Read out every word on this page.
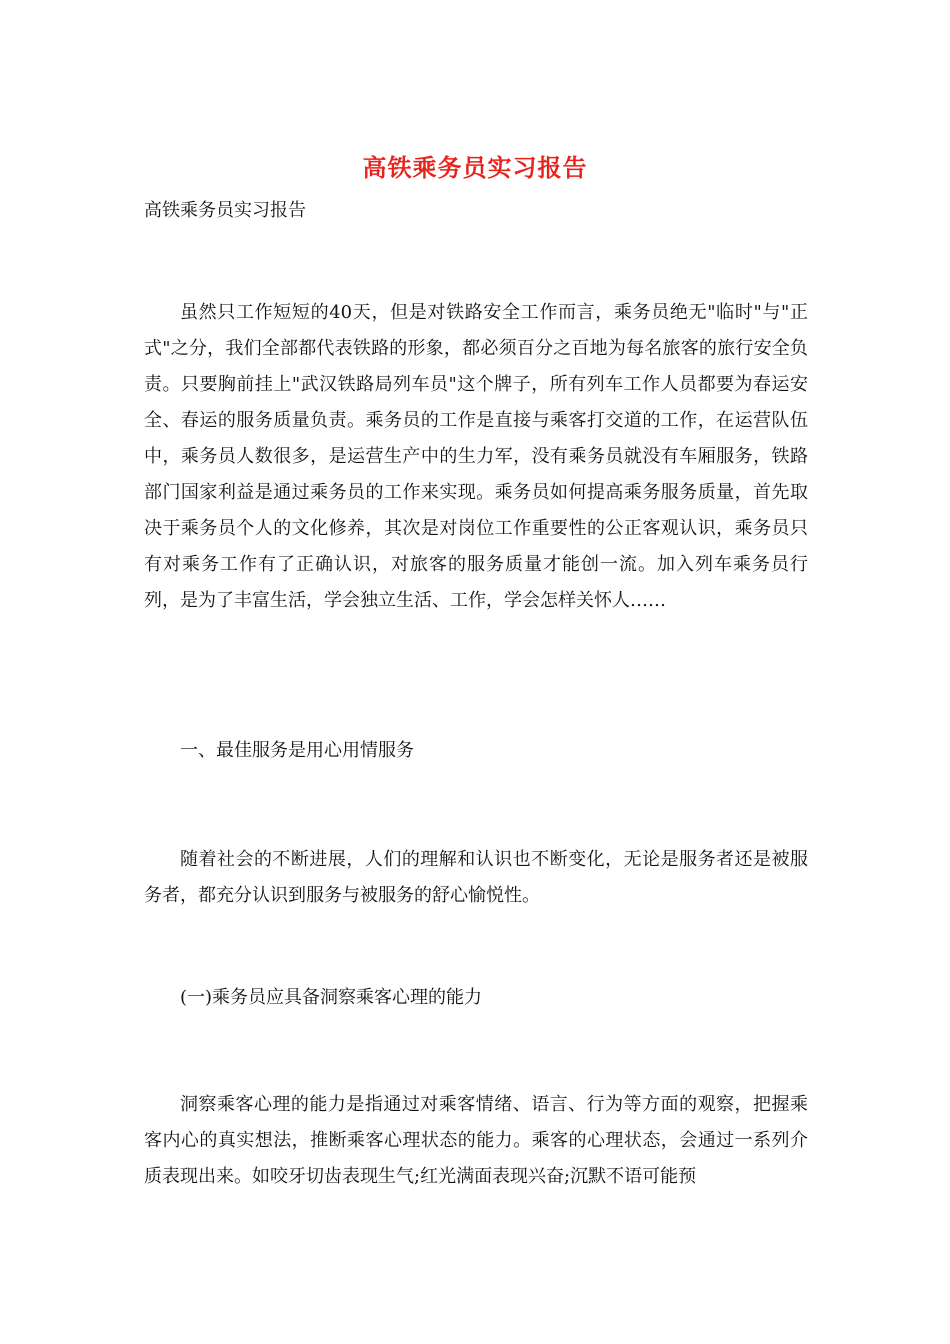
高铁乘务员实习报告
高铁乘务员实习报告

虽然只工作短短的40天，但是对铁路安全工作而言，乘务员绝无"临时"与"正式"之分，我们全部都代表铁路的形象，都必须百分之百地为每名旅客的旅行安全负责。只要胸前挂上"武汉铁路局列车员"这个牌子，所有列车工作人员都要为春运安全、春运的服务质量负责。乘务员的工作是直接与乘客打交道的工作，在运营队伍中，乘务员人数很多，是运营生产中的生力军，没有乘务员就没有车厢服务，铁路部门国家利益是通过乘务员的工作来实现。乘务员如何提高乘务服务质量，首先取决于乘务员个人的文化修养，其次是对岗位工作重要性的公正客观认识，乘务员只有对乘务工作有了正确认识，对旅客的服务质量才能创一流。加入列车乘务员行列，是为了丰富生活，学会独立生活、工作，学会怎样关怀人……

一、最佳服务是用心用情服务

随着社会的不断进展，人们的理解和认识也不断变化，无论是服务者还是被服务者，都充分认识到服务与被服务的舒心愉悦性。

(一)乘务员应具备洞察乘客心理的能力

洞察乘客心理的能力是指通过对乘客情绪、语言、行为等方面的观察，把握乘客内心的真实想法，推断乘客心理状态的能力。乘客的心理状态，会通过一系列介质表现出来。如咬牙切齿表现生气;红光满面表现兴奋;沉默不语可能预
